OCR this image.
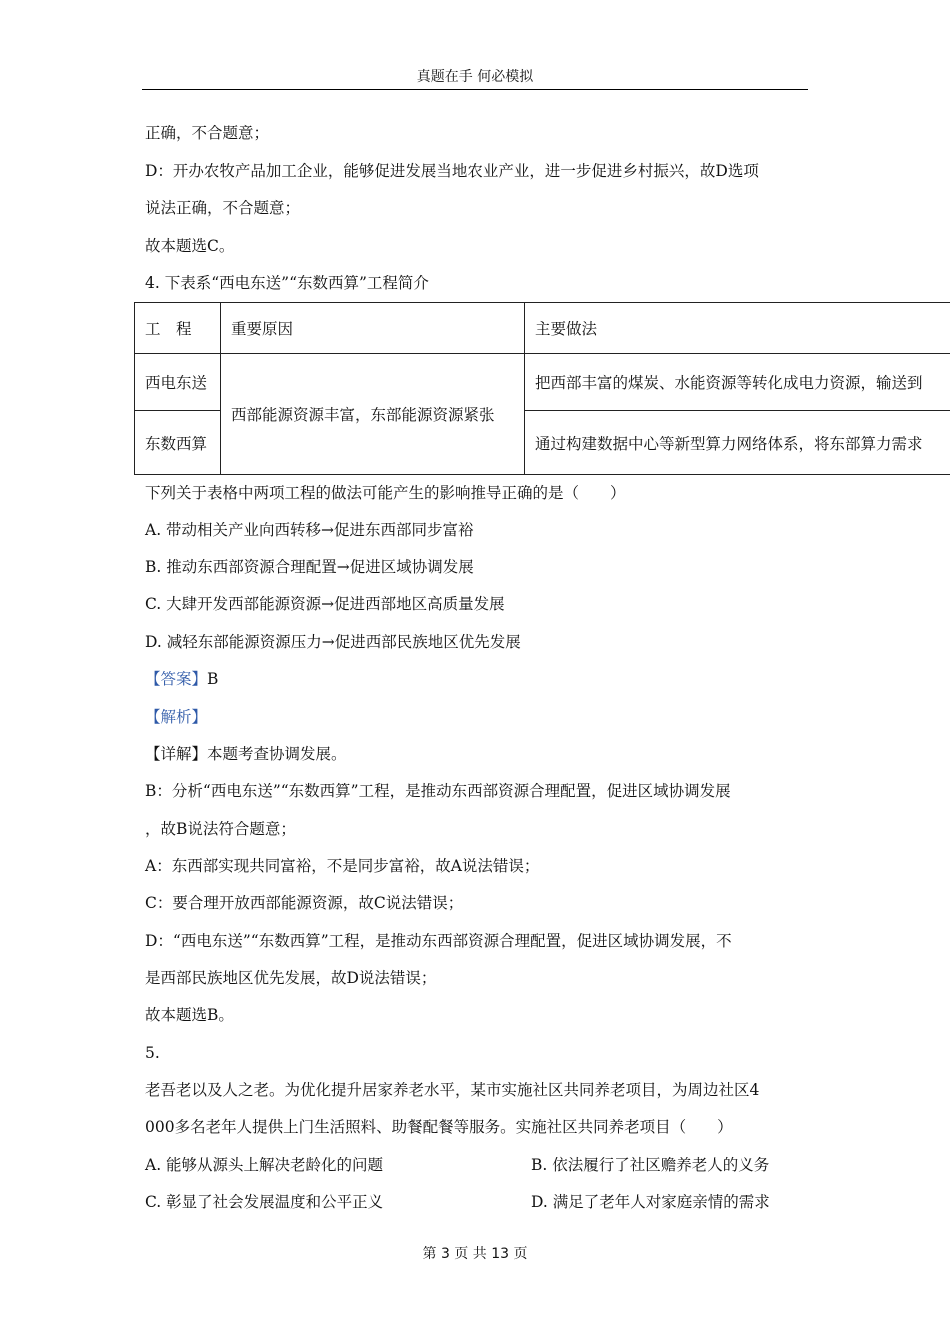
真题在手 何必模拟
正确，不合题意；
D：开办农牧产品加工企业，能够促进发展当地农业产业，进一步促进乡村振兴，故D选项
说法正确，不合题意；
故本题选C。
4. 下表系“西电东送”“东数西算”工程简介
工　程	重要原因	主要做法
西电东送	西部能源资源丰富，东部能源资源紧张	把西部丰富的煤炭、水能资源等转化成电力资源，输送到
东数西算		通过构建数据中心等新型算力网络体系，将东部算力需求
下列关于表格中两项工程的做法可能产生的影响推导正确的是（　　）
A. 带动相关产业向西转移→促进东西部同步富裕
B. 推动东西部资源合理配置→促进区域协调发展
C. 大肆开发西部能源资源→促进西部地区高质量发展
D. 减轻东部能源资源压力→促进西部民族地区优先发展
【答案】B
【解析】
【详解】本题考查协调发展。
B：分析“西电东送”“东数西算”工程，是推动东西部资源合理配置，促进区域协调发展
，故B说法符合题意；
A：东西部实现共同富裕，不是同步富裕，故A说法错误；
C：要合理开放西部能源资源，故C说法错误；
D：“西电东送”“东数西算”工程，是推动东西部资源合理配置，促进区域协调发展，不
是西部民族地区优先发展，故D说法错误；
故本题选B。
5.
老吾老以及人之老。为优化提升居家养老水平，某市实施社区共同养老项目，为周边社区4
000多名老年人提供上门生活照料、助餐配餐等服务。实施社区共同养老项目（　　）
A. 能够从源头上解决老龄化的问题	B. 依法履行了社区赡养老人的义务
C. 彰显了社会发展温度和公平正义	D. 满足了老年人对家庭亲情的需求
第 3 页 共 13 页
